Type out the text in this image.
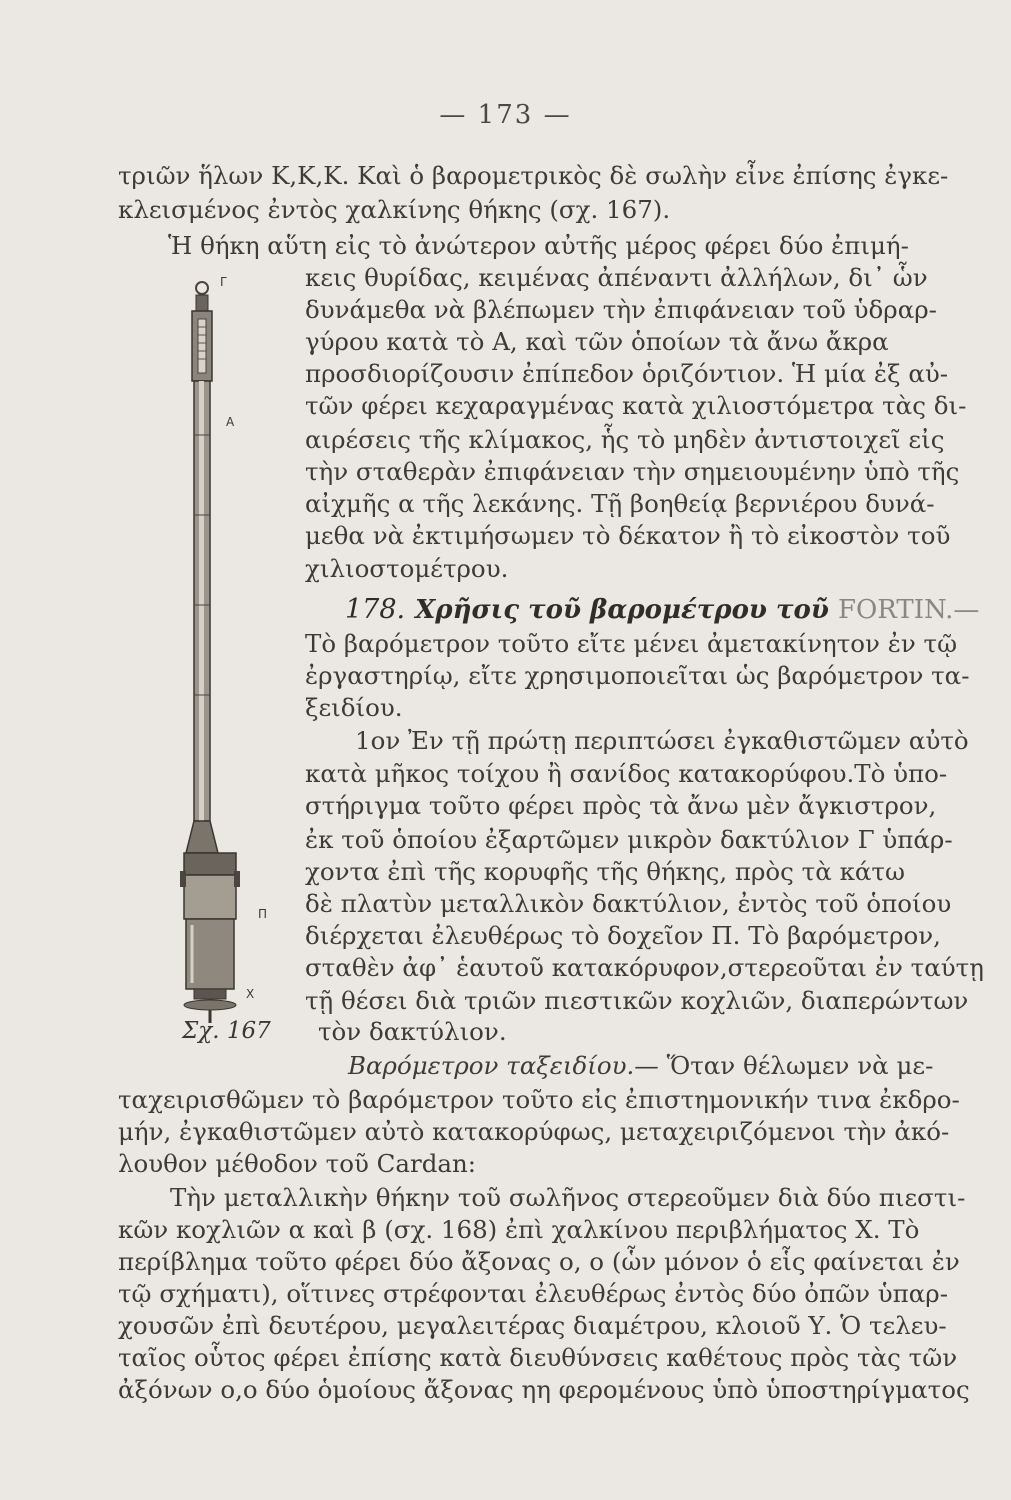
— 173 —
τριῶν ἥλων Κ,Κ,Κ. Καὶ ὁ βαρομετρικὸς δὲ σωλὴν εἶνε ἐπίσης ἐγκε-
κλεισμένος ἐντὸς χαλκίνης θήκης (σχ. 167).
Ἡ θήκη αὕτη εἰς τὸ ἀνώτερον αὐτῆς μέρος φέρει δύο ἐπιμή-
κεις θυρίδας, κειμένας ἀπέναντι ἀλλήλων, δι᾽ ὧν
δυνάμεθα νὰ βλέπωμεν τὴν ἐπιφάνειαν τοῦ ὑδραρ-
γύρου κατὰ τὸ Α, καὶ τῶν ὁποίων τὰ ἄνω ἄκρα
προσδιορίζουσιν ἐπίπεδον ὁριζόντιον. Ἡ μία ἐξ αὐ-
τῶν φέρει κεχαραγμένας κατὰ χιλιοστόμετρα τὰς δι-
αιρέσεις τῆς κλίμακος, ἧς τὸ μηδὲν ἀντιστοιχεῖ εἰς
τὴν σταθερὰν ἐπιφάνειαν τὴν σημειουμένην ὑπὸ τῆς
αἰχμῆς α τῆς λεκάνης. Τῇ βοηθείᾳ βερνιέρου δυνά-
μεθα νὰ ἐκτιμήσωμεν τὸ δέκατον ἢ τὸ εἰκοστὸν τοῦ
χιλιοστομέτρου.
178. Χρῆσις τοῦ βαρομέτρου τοῦ FORTIN.—
Τὸ βαρόμετρον τοῦτο εἴτε μένει ἀμετακίνητον ἐν τῷ
ἐργαστηρίῳ, εἴτε χρησιμοποιεῖται ὡς βαρόμετρον τα-
ξειδίου.
1ον Ἐν τῇ πρώτῃ περιπτώσει ἐγκαθιστῶμεν αὐτὸ
κατὰ μῆκος τοίχου ἢ σανίδος κατακορύφου.Τὸ ὑπο-
στήριγμα τοῦτο φέρει πρὸς τὰ ἄνω μὲν ἄγκιστρον,
ἐκ τοῦ ὁποίου ἐξαρτῶμεν μικρὸν δακτύλιον Γ ὑπάρ-
χοντα ἐπὶ τῆς κορυφῆς τῆς θήκης, πρὸς τὰ κάτω
δὲ πλατὺν μεταλλικὸν δακτύλιον, ἐντὸς τοῦ ὁποίου
διέρχεται ἐλευθέρως τὸ δοχεῖον Π. Τὸ βαρόμετρον,
σταθὲν ἀφ᾽ ἑαυτοῦ κατακόρυφον,στερεοῦται ἐν ταύτῃ
τῇ θέσει διὰ τριῶν πιεστικῶν κοχλιῶν, διαπερώντων
τὸν δακτύλιον.
Βαρόμετρον ταξειδίου.— Ὅταν θέλωμεν νὰ με-
ταχειρισθῶμεν τὸ βαρόμετρον τοῦτο εἰς ἐπιστημονικήν τινα ἐκδρο-
μήν, ἐγκαθιστῶμεν αὐτὸ κατακορύφως, μεταχειριζόμενοι τὴν ἀκό-
λουθον μέθοδον τοῦ Cardan:
Τὴν μεταλλικὴν θήκην τοῦ σωλῆνος στερεοῦμεν διὰ δύο πιεστι-
κῶν κοχλιῶν α καὶ β (σχ. 168) ἐπὶ χαλκίνου περιβλήματος Χ. Τὸ
περίβλημα τοῦτο φέρει δύο ἄξονας ο, ο (ὧν μόνον ὁ εἷς φαίνεται ἐν
τῷ σχήματι), οἵτινες στρέφονται ἐλευθέρως ἐντὸς δύο ὀπῶν ὑπαρ-
χουσῶν ἐπὶ δευτέρου, μεγαλειτέρας διαμέτρου, κλοιοῦ Υ. Ὁ τελευ-
ταῖος οὗτος φέρει ἐπίσης κατὰ διευθύνσεις καθέτους πρὸς τὰς τῶν
ἀξόνων ο,ο δύο ὁμοίους ἄξονας ηη φερομένους ὑπὸ ὑποστηρίγματος
Γ
A
Π
X
Σχ. 167
